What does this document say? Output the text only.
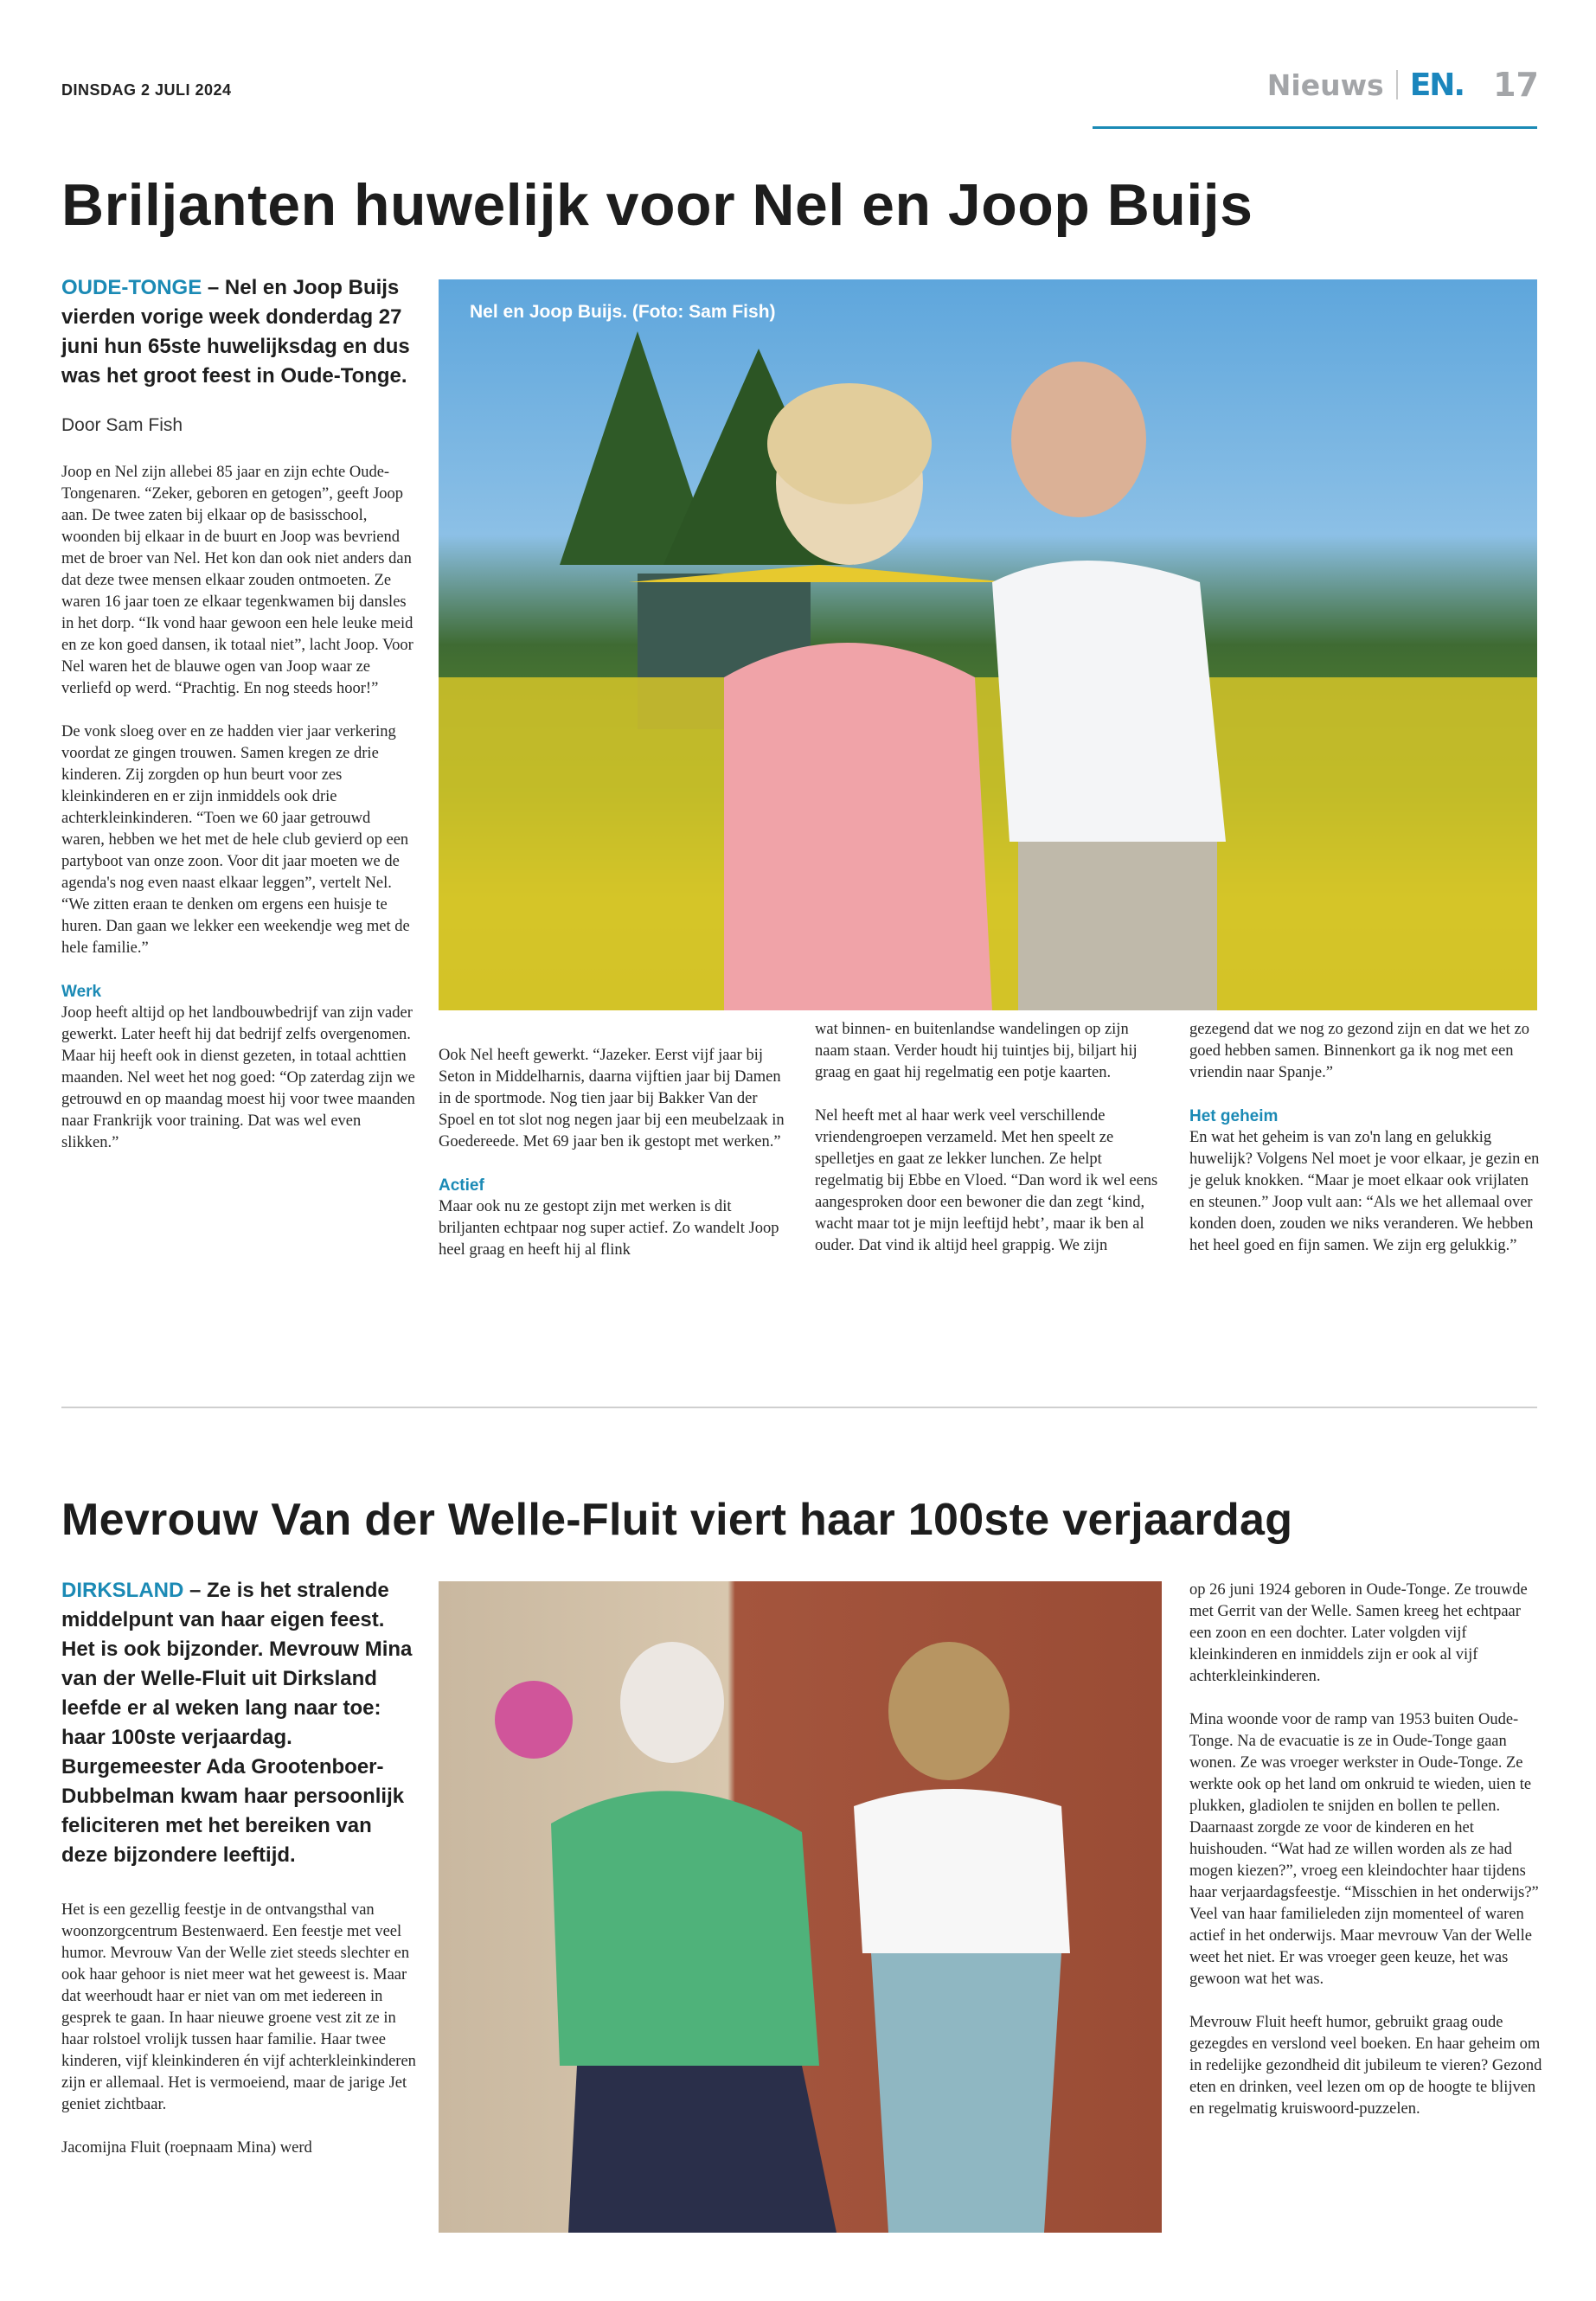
DINSDAG 2 JULI 2024	Nieuws EN. 17
Briljanten huwelijk voor Nel en Joop Buijs
OUDE-TONGE – Nel en Joop Buijs vierden vorige week donderdag 27 juni hun 65ste huwelijksdag en dus was het groot feest in Oude-Tonge.
Door Sam Fish

Joop en Nel zijn allebei 85 jaar en zijn echte Oude-Tongenaren. “Zeker, geboren en getogen”, geeft Joop aan. De twee zaten bij elkaar op de basisschool, woonden bij elkaar in de buurt en Joop was bevriend met de broer van Nel. Het kon dan ook niet anders dan dat deze twee mensen elkaar zouden ontmoeten. Ze waren 16 jaar toen ze elkaar tegenkwamen bij dansles in het dorp. “Ik vond haar gewoon een hele leuke meid en ze kon goed dansen, ik totaal niet”, lacht Joop. Voor Nel waren het de blauwe ogen van Joop waar ze verliefd op werd. “Prachtig. En nog steeds hoor!”

De vonk sloeg over en ze hadden vier jaar verkering voordat ze gingen trouwen. Samen kregen ze drie kinderen. Zij zorgden op hun beurt voor zes kleinkinderen en er zijn inmiddels ook drie achterkleinkinderen. “Toen we 60 jaar getrouwd waren, hebben we het met de hele club gevierd op een partyboot van onze zoon. Voor dit jaar moeten we de agenda's nog even naast elkaar leggen”, vertelt Nel. “We zitten eraan te denken om ergens een huisje te huren. Dan gaan we lekker een weekendje weg met de hele familie.”

Werk

Joop heeft altijd op het landbouwbedrijf van zijn vader gewerkt. Later heeft hij dat bedrijf zelfs overgenomen. Maar hij heeft ook in dienst gezeten, in totaal achttien maanden. Nel weet het nog goed: “Op zaterdag zijn we getrouwd en op maandag moest hij voor twee maanden naar Frankrijk voor training. Dat was wel even slikken.”

Nel en Joop Buijs. (Foto: Sam Fish)

Ook Nel heeft gewerkt. “Jazeker. Eerst vijf jaar bij Seton in Middelharnis, daarna vijftien jaar bij Damen in de sportmode. Nog tien jaar bij Bakker Van der Spoel en tot slot nog negen jaar bij een meubelzaak in Goedereede. Met 69 jaar ben ik gestopt met werken.”

Actief

Maar ook nu ze gestopt zijn met werken is dit briljanten echtpaar nog super actief. Zo wandelt Joop heel graag en heeft hij al flink

wat binnen- en buitenlandse wandelingen op zijn naam staan. Verder houdt hij tuintjes bij, biljart hij graag en gaat hij regelmatig een potje kaarten.

Nel heeft met al haar werk veel verschillende vriendengroepen verzameld. Met hen speelt ze spelletjes en gaat ze lekker lunchen. Ze helpt regelmatig bij Ebbe en Vloed. “Dan word ik wel eens aangesproken door een bewoner die dan zegt ‘kind, wacht maar tot je mijn leeftijd hebt’, maar ik ben al ouder. Dat vind ik altijd heel grappig. We zijn

gezegend dat we nog zo gezond zijn en dat we het zo goed hebben samen. Binnenkort ga ik nog met een vriendin naar Spanje.”

Het geheim

En wat het geheim is van zo'n lang en gelukkig huwelijk? Volgens Nel moet je voor elkaar, je gezin en je geluk knokken. “Maar je moet elkaar ook vrijlaten en steunen.” Joop vult aan: “Als we het allemaal over konden doen, zouden we niks veranderen. We hebben het heel goed en fijn samen. We zijn erg gelukkig.”

Mevrouw Van der Welle-Fluit viert haar 100ste verjaardag
DIRKSLAND – Ze is het stralende middelpunt van haar eigen feest. Het is ook bijzonder. Mevrouw Mina van der Welle-Fluit uit Dirksland leefde er al weken lang naar toe: haar 100ste verjaardag. Burgemeester Ada Grootenboer-Dubbelman kwam haar persoonlijk feliciteren met het bereiken van deze bijzondere leeftijd.

Het is een gezellig feestje in de ontvangsthal van woonzorgcentrum Bestenwaerd. Een feestje met veel humor. Mevrouw Van der Welle ziet steeds slechter en ook haar gehoor is niet meer wat het geweest is. Maar dat weerhoudt haar er niet van om met iedereen in gesprek te gaan. In haar nieuwe groene vest zit ze in haar rolstoel vrolijk tussen haar familie. Haar twee kinderen, vijf kleinkinderen én vijf achterkleinkinderen zijn er allemaal. Het is vermoeiend, maar de jarige Jet geniet zichtbaar.

Jacomijna Fluit (roepnaam Mina) werd

op 26 juni 1924 geboren in Oude-Tonge. Ze trouwde met Gerrit van der Welle. Samen kreeg het echtpaar een zoon en een dochter. Later volgden vijf kleinkinderen en inmiddels zijn er ook al vijf achterkleinkinderen.

Mina woonde voor de ramp van 1953 buiten Oude-Tonge. Na de evacuatie is ze in Oude-Tonge gaan wonen. Ze was vroeger werkster in Oude-Tonge. Ze werkte ook op het land om onkruid te wieden, uien te plukken, gladiolen te snijden en bollen te pellen. Daarnaast zorgde ze voor de kinderen en het huishouden. “Wat had ze willen worden als ze had mogen kiezen?”, vroeg een kleindochter haar tijdens haar verjaardagsfeestje. “Misschien in het onderwijs?” Veel van haar familieleden zijn momenteel of waren actief in het onderwijs. Maar mevrouw Van der Welle weet het niet. Er was vroeger geen keuze, het was gewoon wat het was.

Mevrouw Fluit heeft humor, gebruikt graag oude gezegdes en verslond veel boeken. En haar geheim om in redelijke gezondheid dit jubileum te vieren? Gezond eten en drinken, veel lezen om op de hoogte te blijven en regelmatig kruiswoord-puzzelen.
